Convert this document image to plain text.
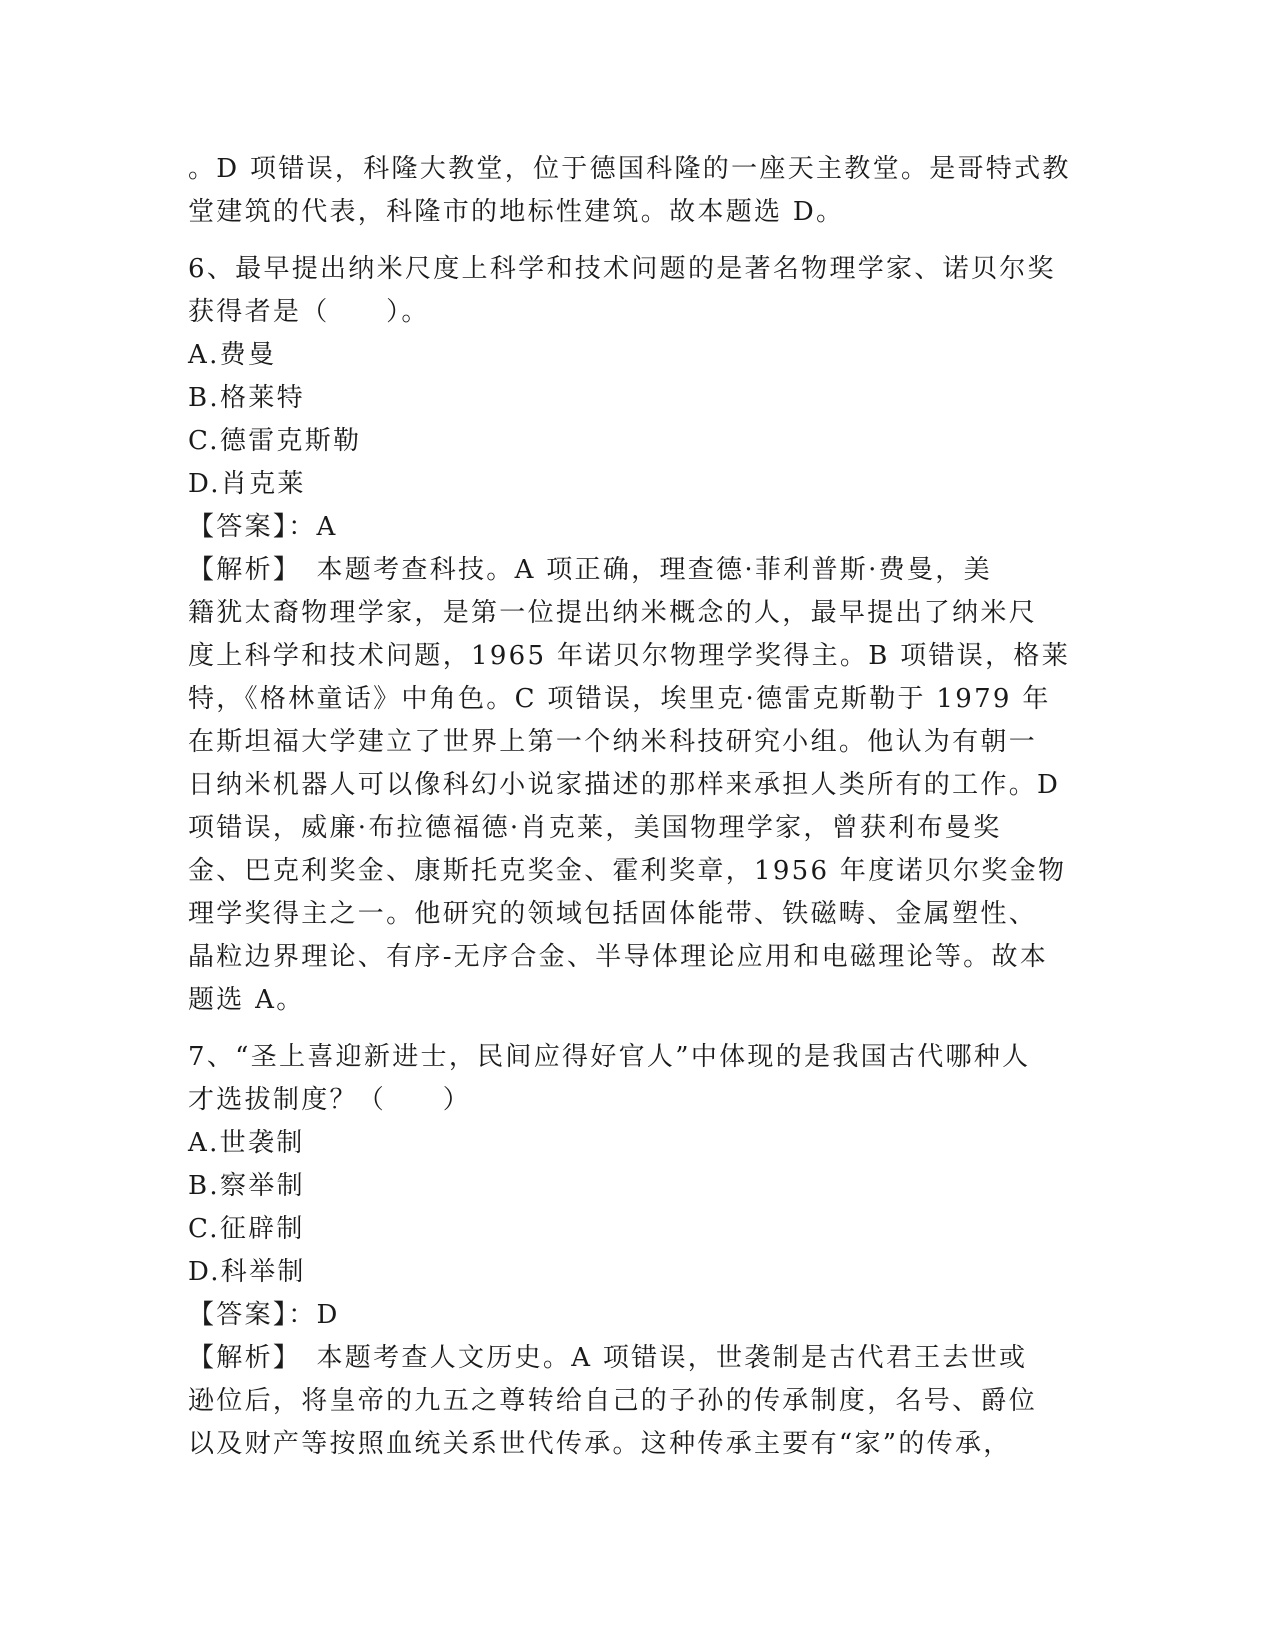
。D 项错误，科隆大教堂，位于德国科隆的一座天主教堂。是哥特式教
堂建筑的代表，科隆市的地标性建筑。故本题选 D。
6、最早提出纳米尺度上科学和技术问题的是著名物理学家、诺贝尔奖
获得者是（　　）。
A.费曼
B.格莱特
C.德雷克斯勒
D.肖克莱
【答案】：A
【解析】　本题考查科技。A 项正确，理查德·菲利普斯·费曼，美
籍犹太裔物理学家，是第一位提出纳米概念的人，最早提出了纳米尺
度上科学和技术问题，1965 年诺贝尔物理学奖得主。B 项错误，格莱
特，《格林童话》中角色。C 项错误，埃里克·德雷克斯勒于 1979 年
在斯坦福大学建立了世界上第一个纳米科技研究小组。他认为有朝一
日纳米机器人可以像科幻小说家描述的那样来承担人类所有的工作。D
项错误，威廉·布拉德福德·肖克莱，美国物理学家，曾获利布曼奖
金、巴克利奖金、康斯托克奖金、霍利奖章，1956 年度诺贝尔奖金物
理学奖得主之一。他研究的领域包括固体能带、铁磁畴、金属塑性、
晶粒边界理论、有序-无序合金、半导体理论应用和电磁理论等。故本
题选 A。
7、“圣上喜迎新进士，民间应得好官人”中体现的是我国古代哪种人
才选拔制度？（　　）
A.世袭制
B.察举制
C.征辟制
D.科举制
【答案】：D
【解析】　本题考查人文历史。A 项错误，世袭制是古代君王去世或
逊位后，将皇帝的九五之尊转给自己的子孙的传承制度，名号、爵位
以及财产等按照血统关系世代传承。这种传承主要有“家”的传承，
